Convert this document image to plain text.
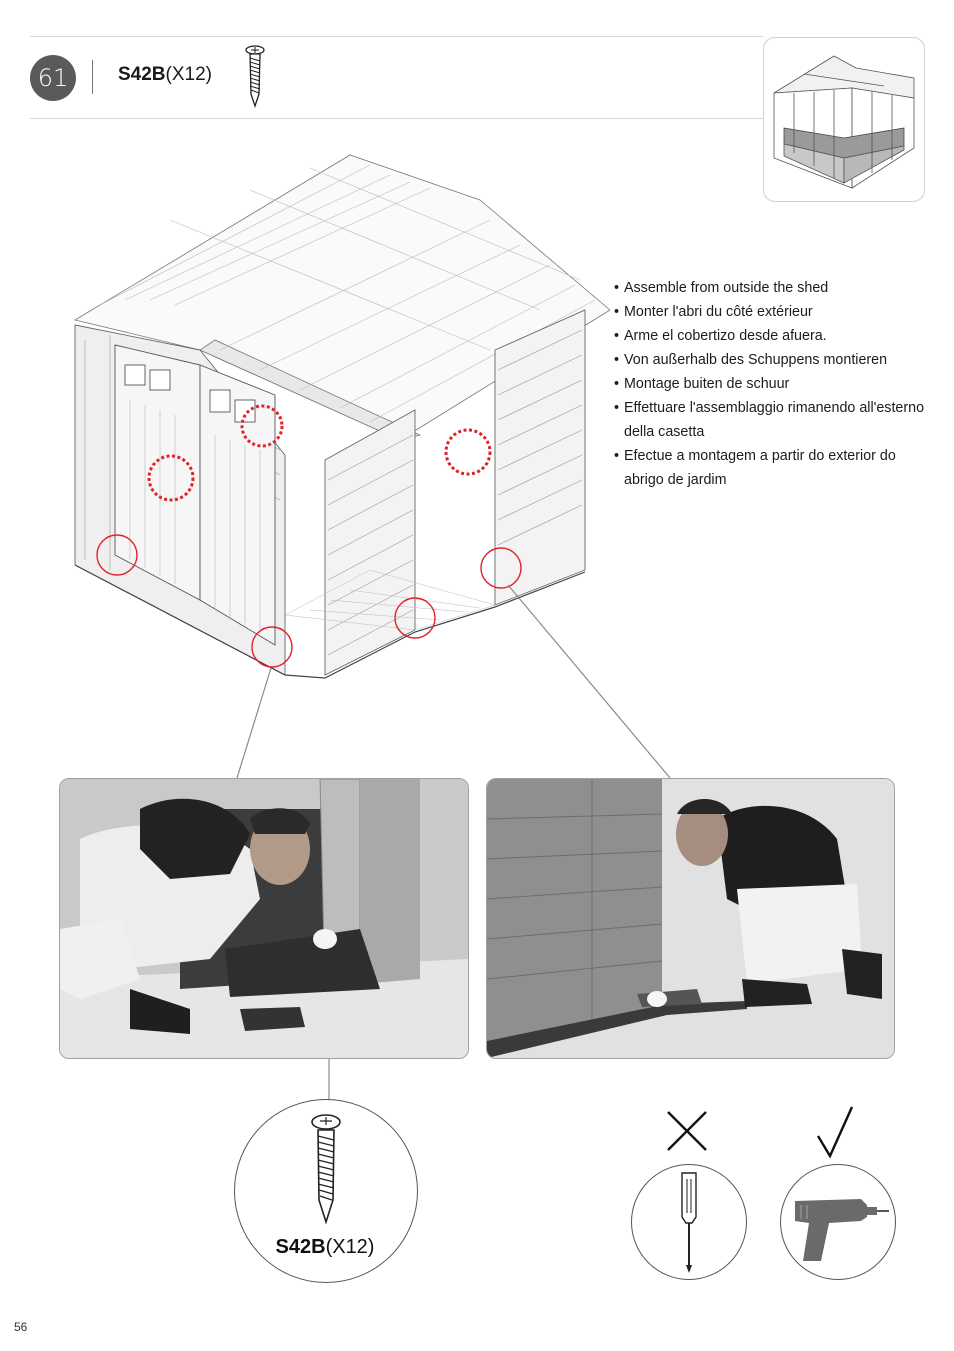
61	S42B(X12)
• Assemble from outside the shed
• Monter l'abri du côté extérieur
• Arme el cobertizo desde afuera.
• Von außerhalb des Schuppens montieren
• Montage buiten de schuur
• Effettuare l'assemblaggio rimanendo all'esterno della casetta
• Efectue a montagem a partir do exterior do abrigo de jardim
S42B(X12)
56
